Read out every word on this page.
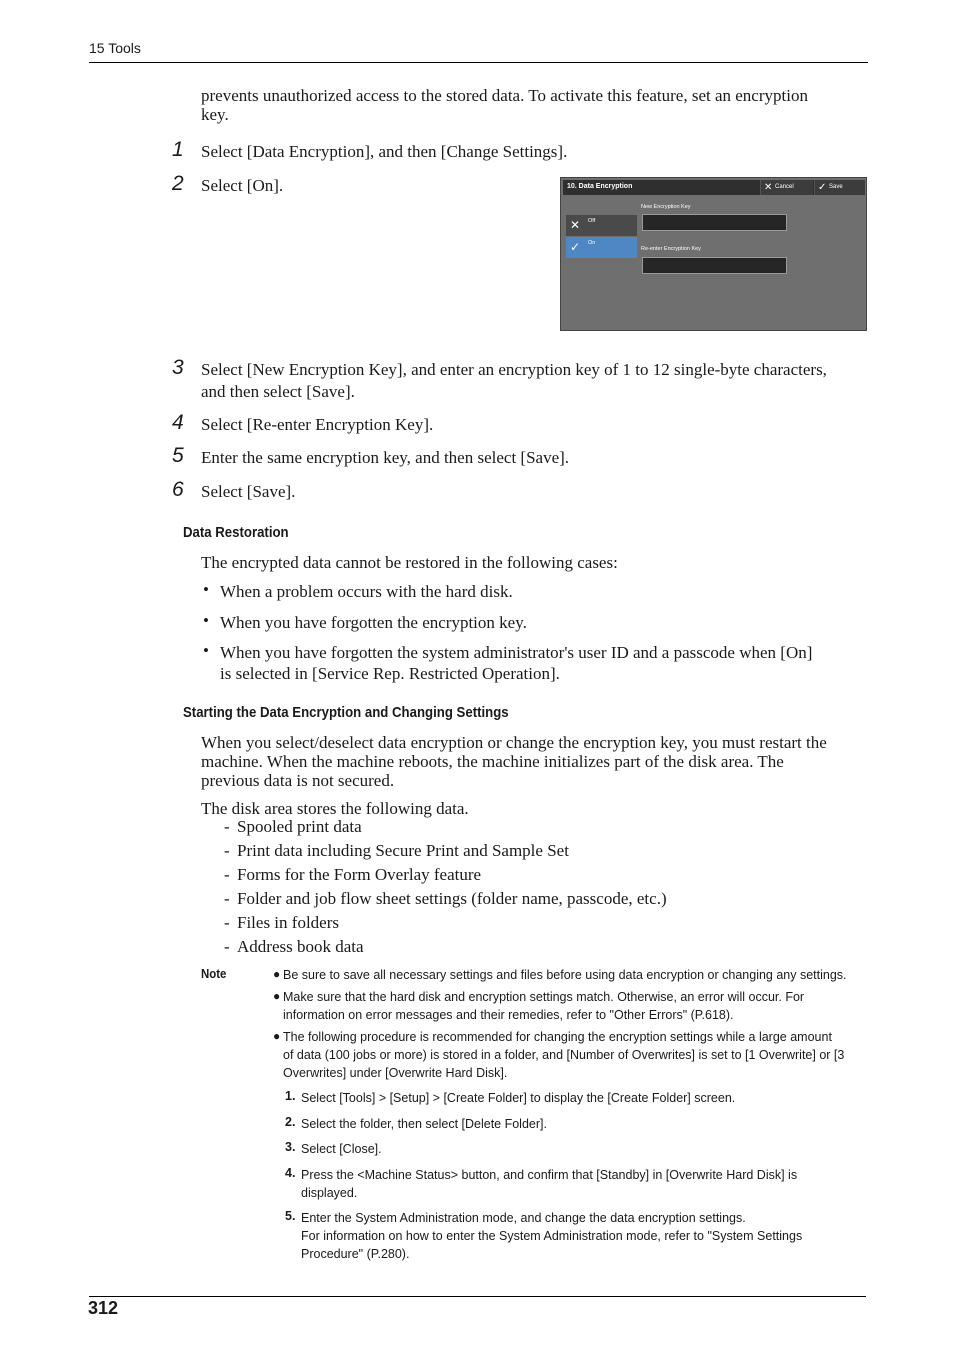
15 Tools
prevents unauthorized access to the stored data. To activate this feature, set an encryption
key.
1	Select [Data Encryption], and then [Change Settings].
2	Select [On].	10. Data Encryption	✕ Cancel ✓ Save
✕ Off
✓ On
New Encryption Key
Re-enter Encryption Key
3	Select [New Encryption Key], and enter an encryption key of 1 to 12 single-byte characters,
and then select [Save].
4	Select [Re-enter Encryption Key].
5	Enter the same encryption key, and then select [Save].
6	Select [Save].
Data Restoration
The encrypted data cannot be restored in the following cases:
• When a problem occurs with the hard disk.
• When you have forgotten the encryption key.
• When you have forgotten the system administrator's user ID and a passcode when [On]
is selected in [Service Rep. Restricted Operation].
Starting the Data Encryption and Changing Settings
When you select/deselect data encryption or change the encryption key, you must restart the
machine. When the machine reboots, the machine initializes part of the disk area. The
previous data is not secured.
The disk area stores the following data.
- Spooled print data
- Print data including Secure Print and Sample Set
- Forms for the Form Overlay feature
- Folder and job flow sheet settings (folder name, passcode, etc.)
- Files in folders
- Address book data
Note	● Be sure to save all necessary settings and files before using data encryption or changing any settings.
● Make sure that the hard disk and encryption settings match. Otherwise, an error will occur. For
information on error messages and their remedies, refer to "Other Errors" (P.618).
● The following procedure is recommended for changing the encryption settings while a large amount
of data (100 jobs or more) is stored in a folder, and [Number of Overwrites] is set to [1 Overwrite] or [3
Overwrites] under [Overwrite Hard Disk].
1. Select [Tools] > [Setup] > [Create Folder] to display the [Create Folder] screen.
2. Select the folder, then select [Delete Folder].
3. Select [Close].
4. Press the <Machine Status> button, and confirm that [Standby] in [Overwrite Hard Disk] is
displayed.
5. Enter the System Administration mode, and change the data encryption settings.
For information on how to enter the System Administration mode, refer to "System Settings
Procedure" (P.280).
312
